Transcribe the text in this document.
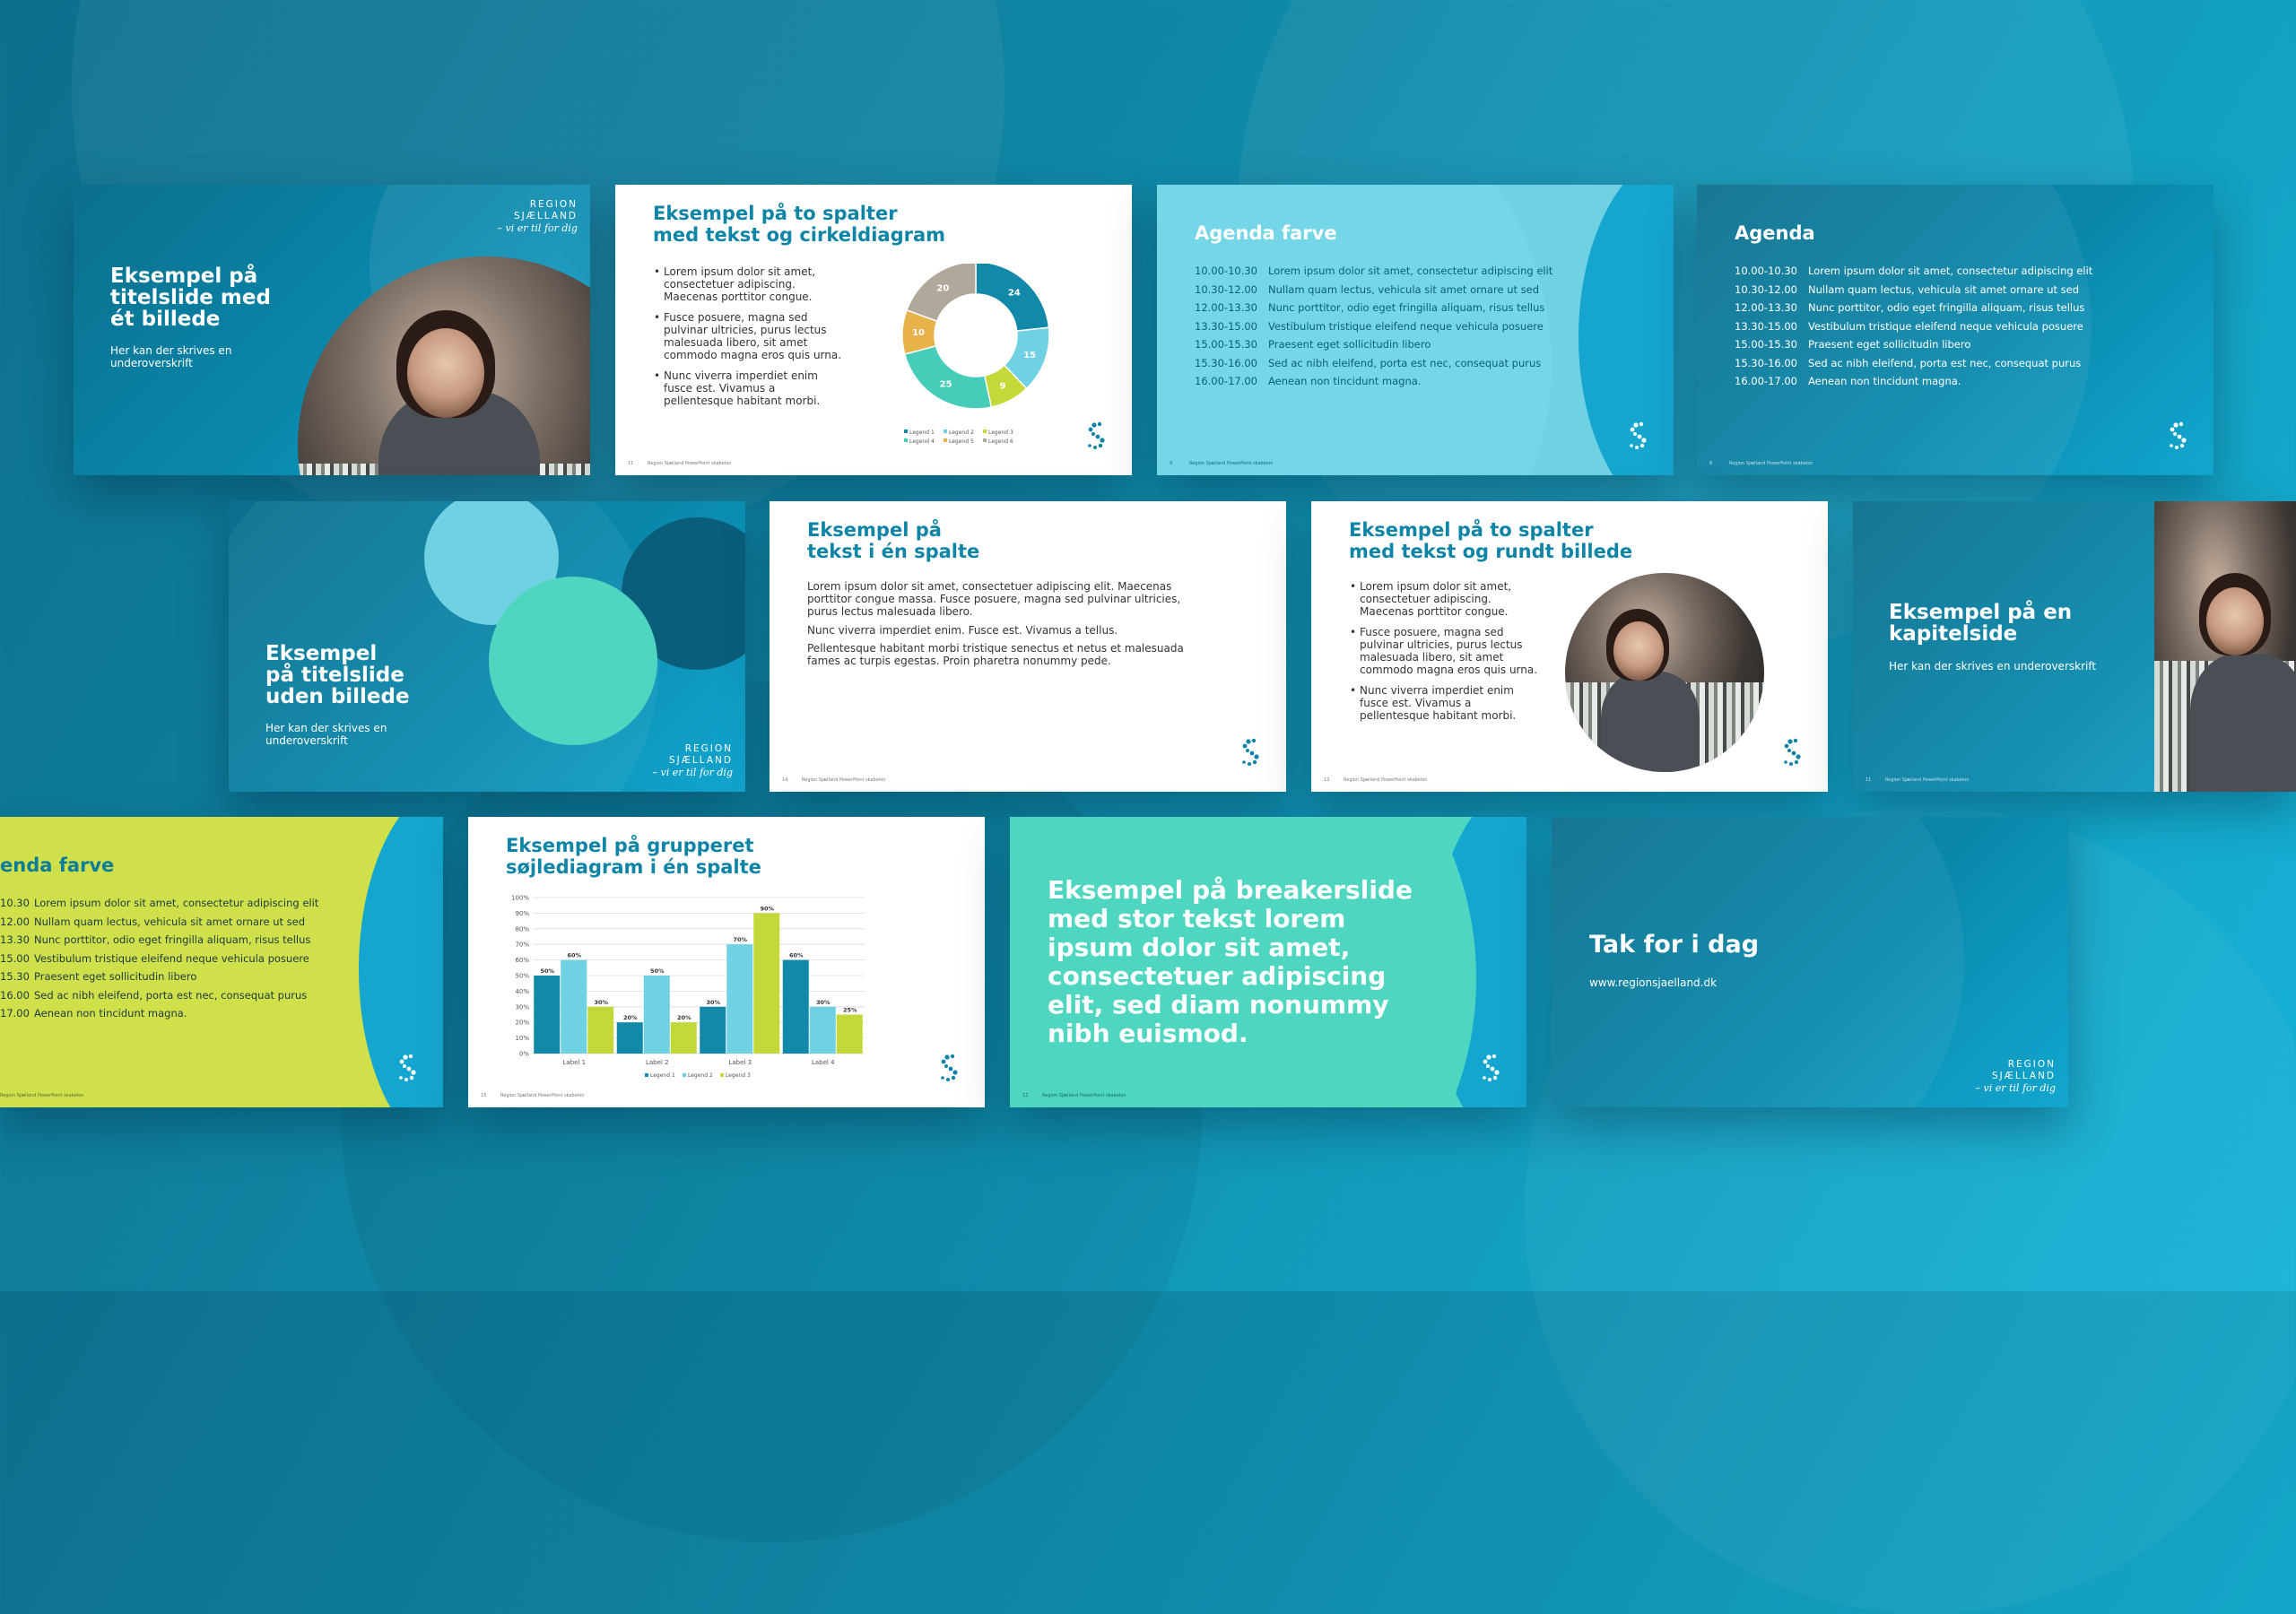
REGION
SJÆLLAND
– vi er til for dig

Eksempel på
titelslide med
ét billede

Her kan der skrives en
underoverskrift

Eksempel på to spalter
med tekst og cirkeldiagram

• Lorem ipsum dolor sit amet,
consectetuer adipiscing.
Maecenas porttitor congue.
• Fusce posuere, magna sed
pulvinar ultricies, purus lectus
malesuada libero, sit amet
commodo magna eros quis urna.
• Nunc viverra imperdiet enim
fusce est. Vivamus a
pellentesque habitant morbi.
24
15
9
25
10
20
Legend 1	Legend 2	Legend 3
Legend 4	Legend 5	Legend 6
11	Region Sjælland PowerPoint skabelon

Agenda farve

10.00-10.30	Lorem ipsum dolor sit amet, consectetur adipiscing elit
10.30-12.00	Nullam quam lectus, vehicula sit amet ornare ut sed
12.00-13.30	Nunc porttitor, odio eget fringilla aliquam, risus tellus
13.30-15.00	Vestibulum tristique eleifend neque vehicula posuere
15.00-15.30	Praesent eget sollicitudin libero
15.30-16.00	Sed ac nibh eleifend, porta est nec, consequat purus
16.00-17.00	Aenean non tincidunt magna.
9	Region Sjælland PowerPoint skabelon

Agenda

10.00-10.30	Lorem ipsum dolor sit amet, consectetur adipiscing elit
10.30-12.00	Nullam quam lectus, vehicula sit amet ornare ut sed
12.00-13.30	Nunc porttitor, odio eget fringilla aliquam, risus tellus
13.30-15.00	Vestibulum tristique eleifend neque vehicula posuere
15.00-15.30	Praesent eget sollicitudin libero
15.30-16.00	Sed ac nibh eleifend, porta est nec, consequat purus
16.00-17.00	Aenean non tincidunt magna.
8	Region Sjælland PowerPoint skabelon

Eksempel
på titelslide
uden billede

Her kan der skrives en
underoverskrift

REGION
SJÆLLAND
– vi er til for dig

Eksempel på
tekst i én spalte

Lorem ipsum dolor sit amet, consectetuer adipiscing elit. Maecenas
porttitor congue massa. Fusce posuere, magna sed pulvinar ultricies,
purus lectus malesuada libero.

Nunc viverra imperdiet enim. Fusce est. Vivamus a tellus.

Pellentesque habitant morbi tristique senectus et netus et malesuada
fames ac turpis egestas. Proin pharetra nonummy pede.

14	Region Sjælland PowerPoint skabelon

Eksempel på to spalter
med tekst og rundt billede

• Lorem ipsum dolor sit amet,
consectetuer adipiscing.
Maecenas porttitor congue.
• Fusce posuere, magna sed
pulvinar ultricies, purus lectus
malesuada libero, sit amet
commodo magna eros quis urna.
• Nunc viverra imperdiet enim
fusce est. Vivamus a
pellentesque habitant morbi.
13	Region Sjælland PowerPoint skabelon

Eksempel på en
kapitelside

Her kan der skrives en underoverskrift

11	Region Sjælland PowerPoint skabelon

enda farve

10.30 Lorem ipsum dolor sit amet, consectetur adipiscing elit
12.00 Nullam quam lectus, vehicula sit amet ornare ut sed
13.30 Nunc porttitor, odio eget fringilla aliquam, risus tellus
15.00 Vestibulum tristique eleifend neque vehicula posuere
15.30 Praesent eget sollicitudin libero
16.00 Sed ac nibh eleifend, porta est nec, consequat purus
17.00 Aenean non tincidunt magna.
Region Sjælland PowerPoint skabelon

Eksempel på grupperet
søjlediagram i én spalte

0%
10%
20%
30%
40%
50%
60%
70%
80%
90%
100%
50%
60%
30%
Label 1
20%
50%
20%
Label 2
30%
70%
90%
Label 3
60%
30%
25%
Label 4
Legend 1 Legend 2 Legend 3
15	Region Sjælland PowerPoint skabelon

Eksempel på breakerslide
med stor tekst lorem
ipsum dolor sit amet,
consectetuer adipiscing
elit, sed diam nonummy
nibh euismod.

12	Region Sjælland PowerPoint skabelon

Tak for i dag

www.regionsjaelland.dk

REGION
SJÆLLAND
– vi er til for dig
